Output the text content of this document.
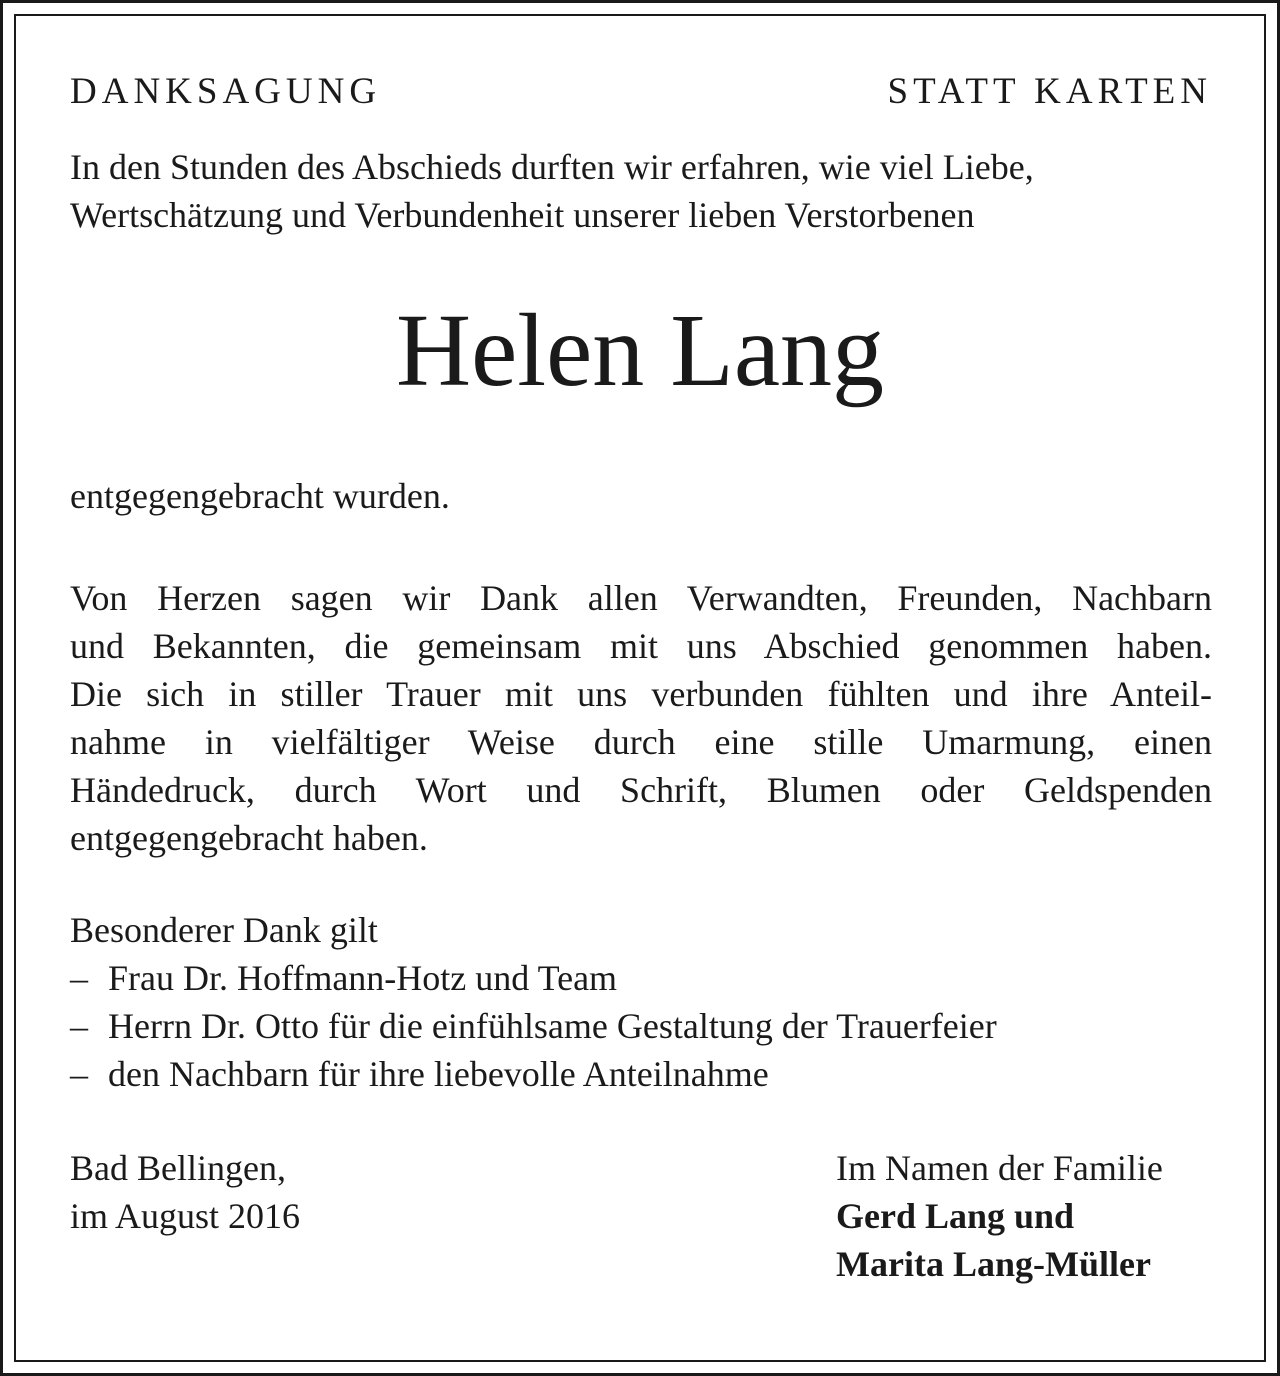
DANKSAGUNG	STATT KARTEN
In den Stunden des Abschieds durften wir erfahren, wie viel Liebe,
Wertschätzung und Verbundenheit unserer lieben Verstorbenen
Helen Lang
entgegengebracht wurden.
Von Herzen sagen wir Dank allen Verwandten, Freunden, Nachbarn
und Bekannten, die gemeinsam mit uns Abschied genommen haben.
Die sich in stiller Trauer mit uns verbunden fühlten und ihre Anteil-
nahme in vielfältiger Weise durch eine stille Umarmung, einen
Händedruck, durch Wort und Schrift, Blumen oder Geldspenden
entgegengebracht haben.
Besonderer Dank gilt
– Frau Dr. Hoffmann-Hotz und Team
– Herrn Dr. Otto für die einfühlsame Gestaltung der Trauerfeier
– den Nachbarn für ihre liebevolle Anteilnahme
Bad Bellingen,
im August 2016
Im Namen der Familie
Gerd Lang und
Marita Lang-Müller
